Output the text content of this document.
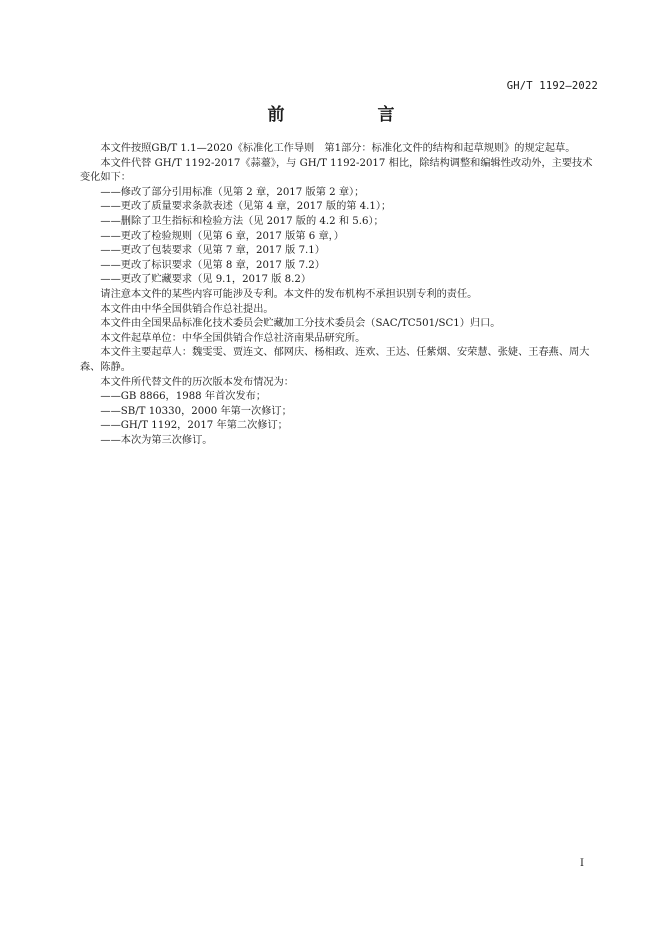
GH/T 1192—2022
前　言

本文件按照GB/T 1.1—2020《标准化工作导则　第1部分：标准化文件的结构和起草规则》的规定起草。

本文件代替 GH/T 1192-2017《蒜薹》，与 GH/T 1192-2017 相比，除结构调整和编辑性改动外，主要技术变化如下：

——修改了部分引用标准（见第 2 章，2017 版第 2 章）；

——更改了质量要求条款表述（见第 4 章，2017 版的第 4.1）；

——删除了卫生指标和检验方法（见 2017 版的 4.2 和 5.6）；

——更改了检验规则（见第 6 章，2017 版第 6 章，）

——更改了包装要求（见第 7 章，2017 版 7.1）

——更改了标识要求（见第 8 章，2017 版 7.2）

——更改了贮藏要求（见 9.1，2017 版 8.2）

请注意本文件的某些内容可能涉及专利。本文件的发布机构不承担识别专利的责任。

本文件由中华全国供销合作总社提出。

本文件由全国果品标准化技术委员会贮藏加工分技术委员会（SAC/TC501/SC1）归口。

本文件起草单位：中华全国供销合作总社济南果品研究所。

本文件主要起草人：魏雯雯、贾连文、郁网庆、杨相政、连欢、王达、任紫烟、安荣慧、张婕、王春燕、周大森、陈静。

本文件所代替文件的历次版本发布情况为：

——GB 8866，1988 年首次发布；

——SB/T 10330，2000 年第一次修订；

——GH/T 1192，2017 年第二次修订；

——本次为第三次修订。

I
